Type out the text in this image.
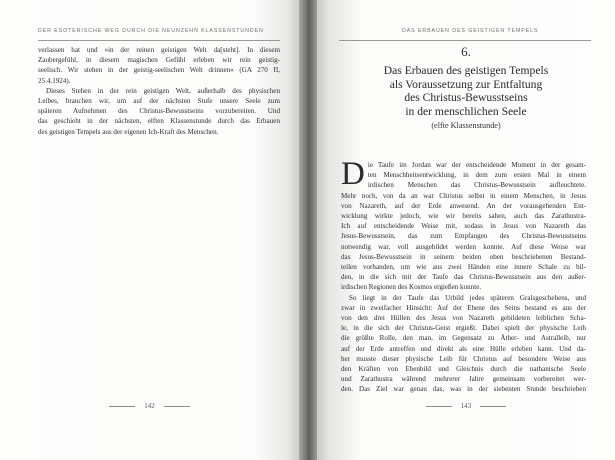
DER ESOTERISCHE WEG DURCH DIE NEUNZEHN KLASSENSTUNDEN

verlassen hat und »in der reinen geistigen Welt da[steht]. In diesem
Zaubergefühl, in diesem magischen Gefühl erleben wir rein geistig-
seelisch. Wir stehen in der geistig-seelischen Welt drinnen« (GA 270 II,
25.4.1924).

Dieses Stehen in der rein geistigen Welt, außerhalb des physischen
Leibes, brauchen wir, um auf der nächsten Stufe unsere Seele zum
späteren Aufnehmen des Christus-Bewusstseins vorzubereiten. Und
das geschieht in der nächsten, elften Klassenstunde durch das Erbauen
des geistigen Tempels aus der eigenen Ich-Kraft des Menschen.

142
DAS ERBAUEN DES GEISTIGEN TEMPELS
6.
Das Erbauen des geistigen Tempels
als Voraussetzung zur Entfaltung
des Christus-Bewusstseins
in der menschlichen Seele
(elfte Klassenstunde)

D ie Taufe im Jordan war der entscheidende Moment in der gesam-
ten Menschheitsentwicklung, in dem zum ersten Mal in einem
irdischen Menschen das Christus-Bewusstsein aufleuchtete.
Mehr noch, von da an war Christus selbst in einem Menschen, in Jesus
von Nazareth, auf der Erde anwesend. An der vorausgehenden Ent-
wicklung wirkte jedoch, wie wir bereits sahen, auch das Zarathustra-
Ich auf entscheidende Weise mit, sodass in Jesus von Nazareth das
Jesus-Bewusstsein, das zum Empfangen des Christus-Bewusstseins
notwendig war, voll ausgebildet werden konnte. Auf diese Weise war
das Jesus-Bewusstsein in seinem beiden oben beschriebenen Bestand-
teilen vorhanden, um wie aus zwei Händen eine innere Schale zu bil-
den, in die sich mit der Taufe das Christus-Bewusstsein aus den außer-
irdischen Regionen des Kosmos ergießen konnte.

So liegt in der Taufe das Urbild jedes späteren Gralsgeschehens, und
zwar in zweifacher Hinsicht: Auf der Ebene des Seins bestand es aus der
von den drei Hüllen des Jesus von Nazareth gebildeten leiblichen Scha-
le, in die sich der Christus-Geist ergießt. Dabei spielt der physische Leib
die größte Rolle, den man, im Gegensatz zu Äther- und Astralleib, nur
auf der Erde antreffen und direkt als eine Hülle erleben kann. Und da-
her musste dieser physische Leib für Christus auf besondere Weise aus
den Kräften von Ebenbild und Gleichnis durch die nathanische Seele
und Zarathustra während mehrerer Jahre gemeinsam vorbereitet wer-
den. Das Ziel war genau das, was in der siebenten Stunde beschrieben

143
